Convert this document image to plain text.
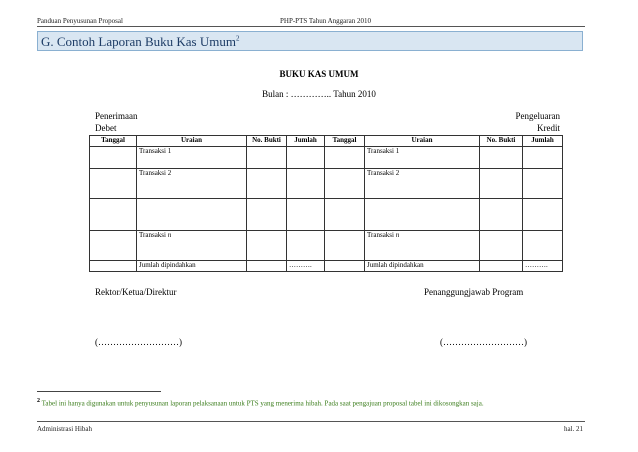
Panduan Penyusunan Proposal	PHP-PTS Tahun Anggaran 2010
G. Contoh Laporan Buku Kas Umum$^2$
BUKU KAS UMUM
Bulan : ………….. Tahun 2010
Penerimaan
Debet
Pengeluaran
Kredit
Tanggal	Uraian	No. Bukti	Jumlah	Tanggal	Uraian	No. Bukti	Jumlah
	Transaksi 1				Transaksi 1		
	Transaksi 2				Transaksi 2		

	Transaksi n				Transaksi n		
	Jumlah dipindahkan		……….		Jumlah dipindahkan		……….
Rektor/Ketua/Direktur	Penanggungjawab Program
(………………………)	(………………………)
$^2$ Tabel ini hanya digunakan untuk penyusunan laporan pelaksanaan untuk PTS yang menerima hibah. Pada saat pengajuan proposal tabel ini dikosongkan saja.
Administrasi Hibah	hal. 21
